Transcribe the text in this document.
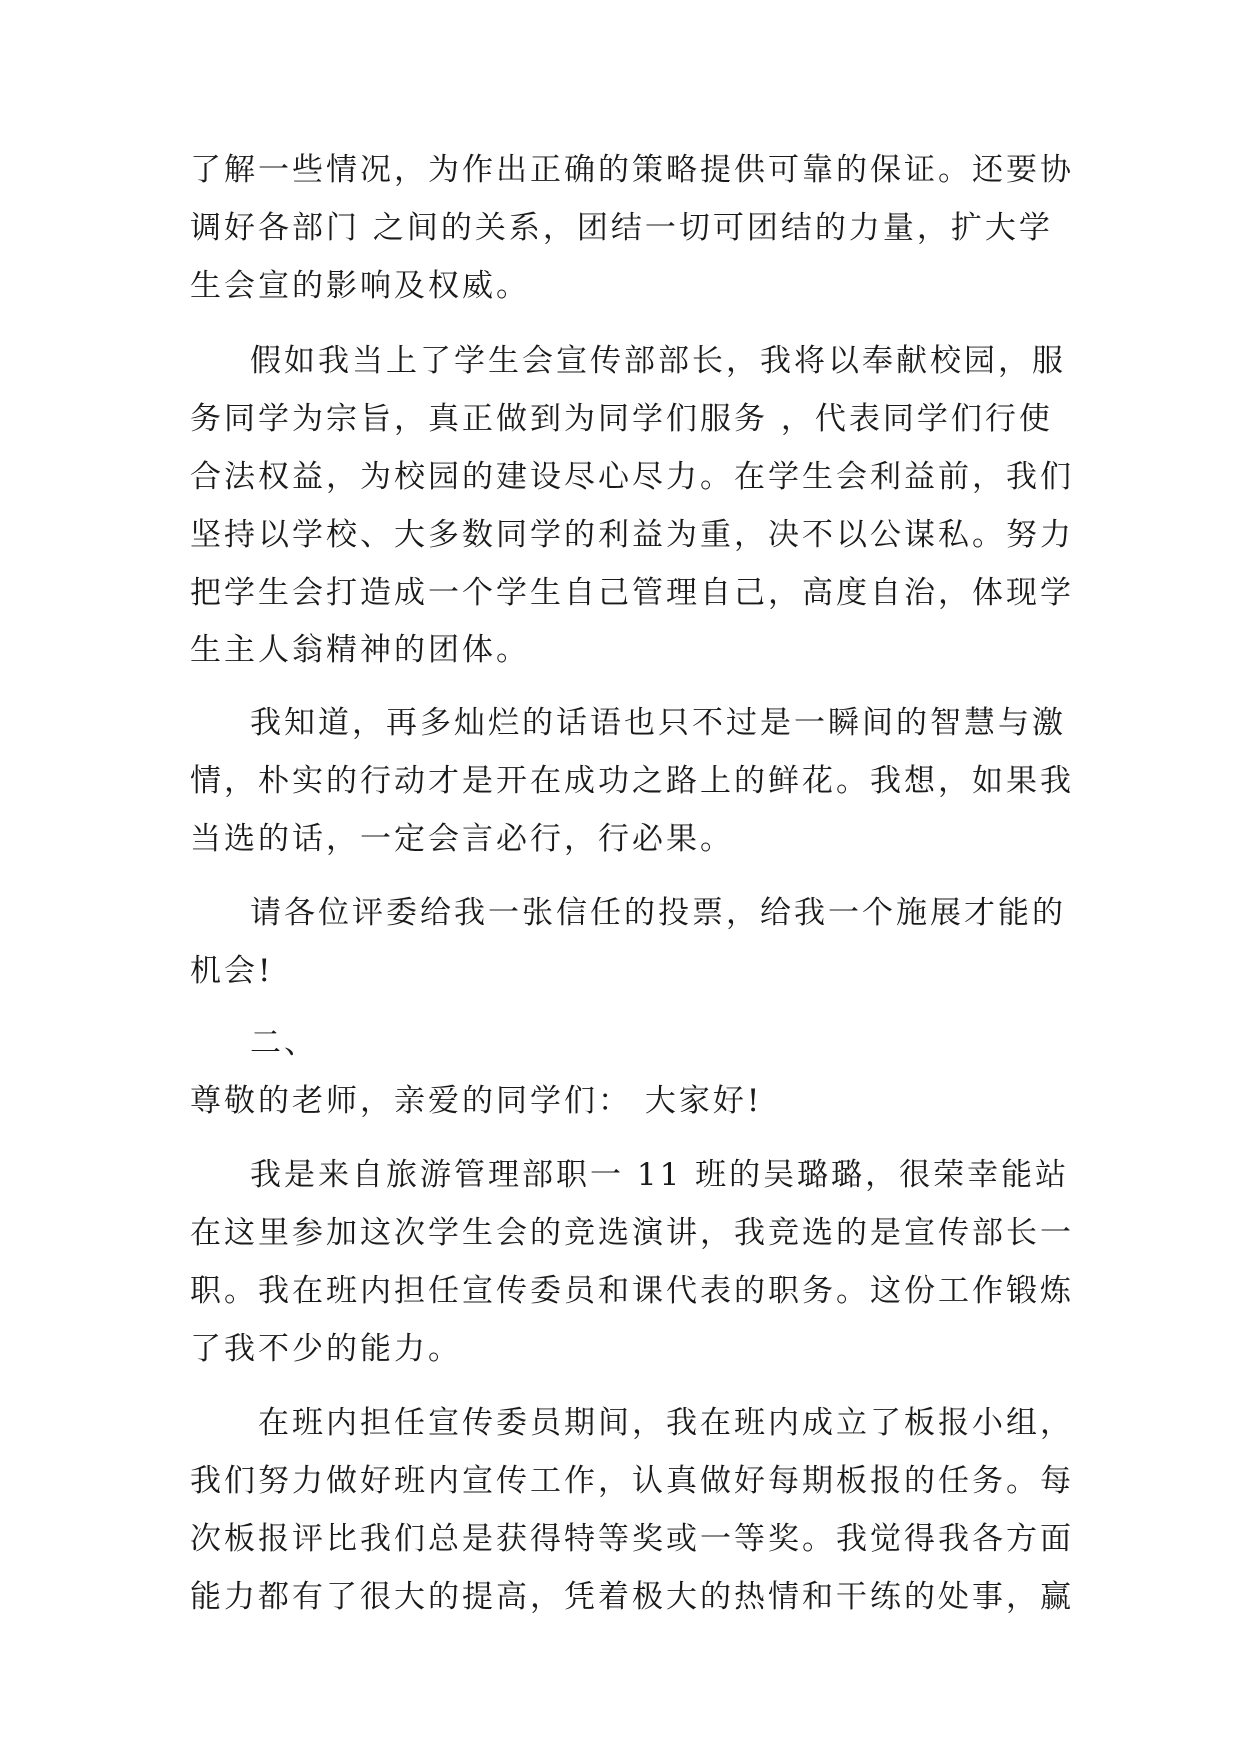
了解一些情况，为作出正确的策略提供可靠的保证。还要协
调好各部门 之间的关系，团结一切可团结的力量，扩大学
生会宣的影响及权威。
假如我当上了学生会宣传部部长，我将以奉献校园，服
务同学为宗旨，真正做到为同学们服务 ，代表同学们行使
合法权益，为校园的建设尽心尽力。在学生会利益前，我们
坚持以学校、大多数同学的利益为重，决不以公谋私。努力
把学生会打造成一个学生自己管理自己，高度自治，体现学
生主人翁精神的团体。
我知道，再多灿烂的话语也只不过是一瞬间的智慧与激
情，朴实的行动才是开在成功之路上的鲜花。我想，如果我
当选的话，一定会言必行，行必果。
请各位评委给我一张信任的投票，给我一个施展才能的
机会!
二、
尊敬的老师，亲爱的同学们： 大家好!
我是来自旅游管理部职一 11 班的吴璐璐，很荣幸能站
在这里参加这次学生会的竞选演讲，我竞选的是宣传部长一
职。我在班内担任宣传委员和课代表的职务。这份工作锻炼
了我不少的能力。
在班内担任宣传委员期间，我在班内成立了板报小组，
我们努力做好班内宣传工作，认真做好每期板报的任务。每
次板报评比我们总是获得特等奖或一等奖。我觉得我各方面
能力都有了很大的提高，凭着极大的热情和干练的处事，赢
